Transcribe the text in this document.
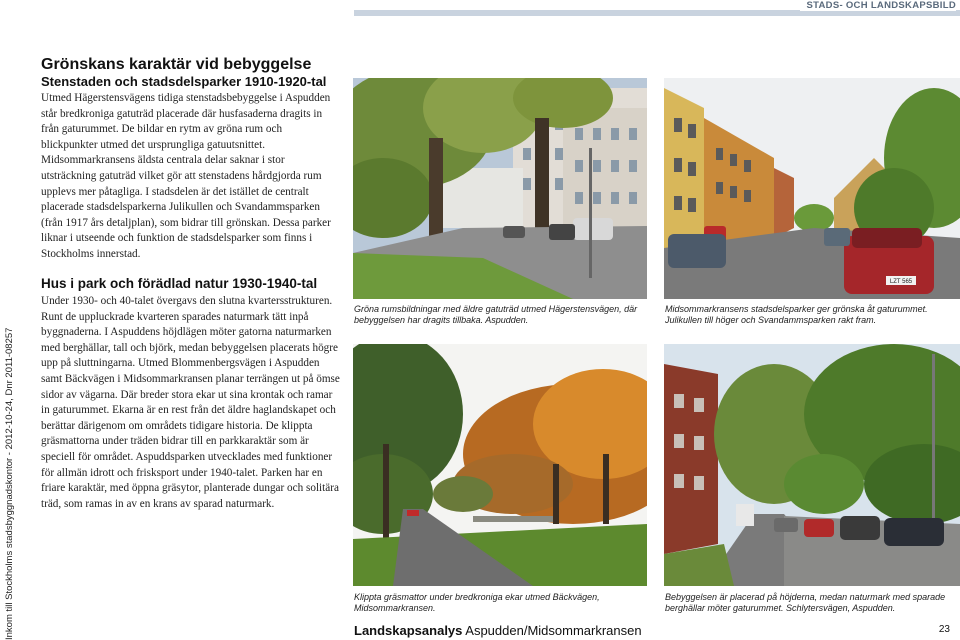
STADS- OCH LANDSKAPSBILD
Inkom till Stockholms stadsbyggnadskontor - 2012-10-24, Dnr 2011-08257
Grönskans karaktär vid bebyggelse
Stenstaden och stadsdelsparker 1910-1920-tal

Utmed Hägerstensvägens tidiga stenstadsbebyggelse i Aspudden står bredkroniga gatuträd placerade där husfasaderna dragits in från gaturummet. De bildar en rytm av gröna rum och blickpunkter utmed det ursprungliga gatuutsnittet. Midsommarkransens äldsta centrala delar saknar i stor utsträckning gatuträd vilket gör att stenstadens hårdgjorda rum upplevs mer påtagliga. I stadsdelen är det istället de centralt placerade stadsdelsparkerna Julikullen och Svandammsparken (från 1917 års detaljplan), som bidrar till grönskan. Dessa parker liknar i utseende och funktion de stadsdelsparker som finns i Stockholms innerstad.

Hus i park och förädlad natur 1930-1940-tal

Under 1930- och 40-talet övergavs den slutna kvartersstrukturen. Runt de uppluckrade kvarteren sparades naturmark tätt inpå byggnaderna. I Aspuddens höjdlägen möter gatorna naturmarken med berghällar, tall och björk, medan bebyggelsen placerats högre upp på sluttningarna. Utmed Blommenbergsvägen i Aspudden samt Bäckvägen i Midsommarkransen planar terrängen ut på ömse sidor av vägarna. Där breder stora ekar ut sina krontak och ramar in gaturummet. Ekarna är en rest från det äldre haglandskapet och berättar därigenom om områdets tidigare historia. De klippta gräsmattorna under träden bidrar till en parkkaraktär som är speciell för området. Aspuddsparken utvecklades med funktioner för allmän idrott och frisksport under 1940-talet. Parken har en friare karaktär, med öppna gräsytor, planterade dungar och solitära träd, som ramas in av en krans av sparad naturmark.

LZT 565
Gröna rumsbildningar med äldre gatuträd utmed Hägerstensvägen, där bebyggelsen har dragits tillbaka. Aspudden.
Midsommarkransens stadsdelsparker ger grönska åt gaturummet. Julikullen till höger och Svandammsparken rakt fram.
Klippta gräsmattor under bredkroniga ekar utmed Bäckvägen, Midsommarkransen.
Bebyggelsen är placerad på höjderna, medan naturmark med sparade berghällar möter gaturummet. Schlytersvägen, Aspudden.
Landskapsanalys Aspudden/Midsommarkransen	23
